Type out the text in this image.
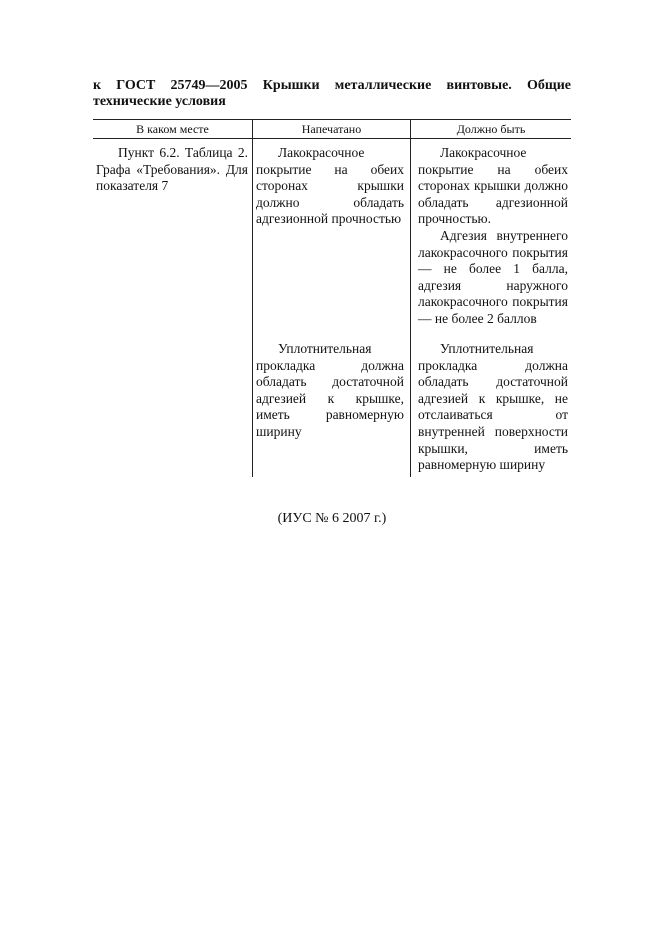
к ГОСТ 25749—2005 Крышки металлические винтовые. Общие технические условия
В каком месте	Напечатано	Должно быть
Пункт 6.2. Таблица 2. Графа «Требования». Для показателя 7
Лакокрасочное покрытие на обеих сторонах крышки должно обладать адгезионной прочностью
Уплотнительная прокладка должна обладать достаточной адгезией к крышке, иметь равномерную ширину
Лакокрасочное покрытие на обеих сторонах крышки должно обладать адгезионной прочностью.
Адгезия внутреннего лакокрасочного покрытия — не более 1 балла, адгезия наружного лакокрасочного покрытия — не более 2 баллов
Уплотнительная прокладка должна обладать достаточной адгезией к крышке, не отслаиваться от внутренней поверхности крышки, иметь равномерную ширину
(ИУС № 6 2007 г.)
